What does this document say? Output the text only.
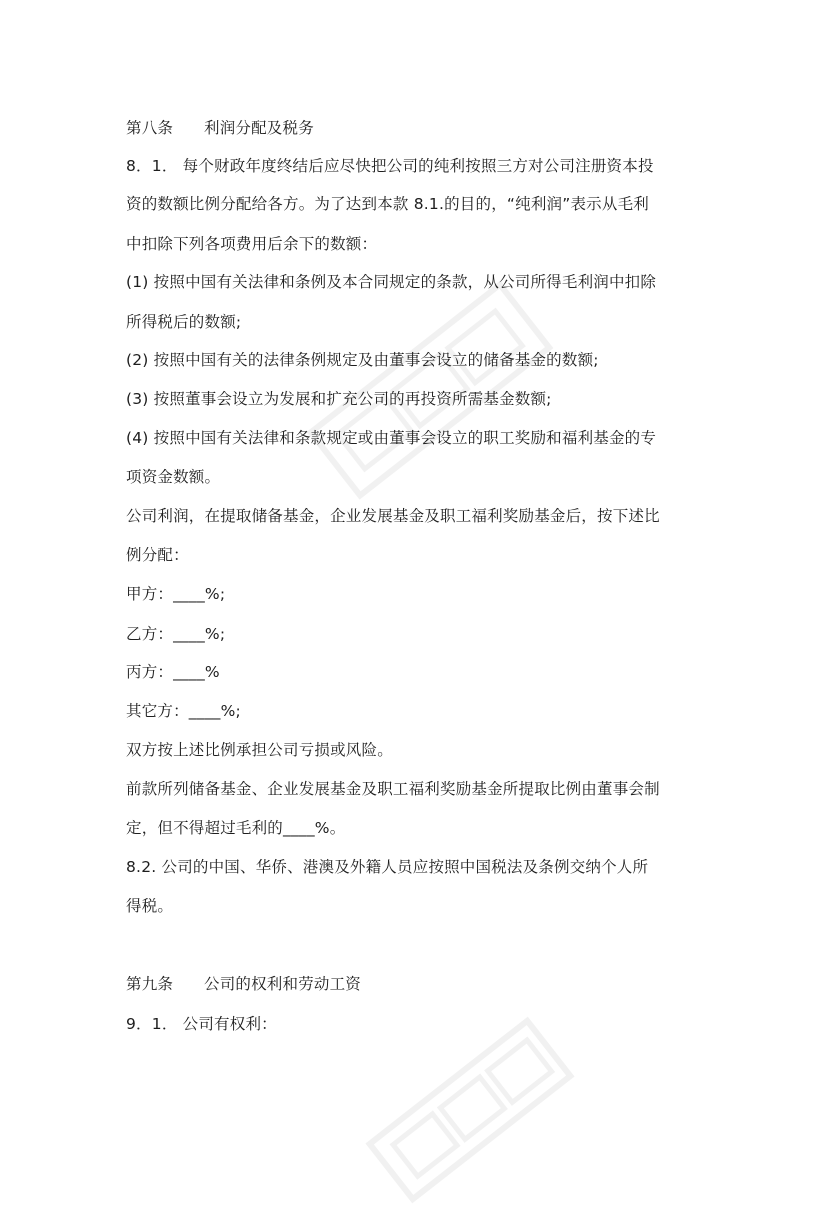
第八条 利润分配及税务
8．1． 每个财政年度终结后应尽快把公司的纯利按照三方对公司注册资本投
资的数额比例分配给各方。为了达到本款 8.1.的目的，“纯利润”表示从毛利
中扣除下列各项费用后余下的数额：
(1) 按照中国有关法律和条例及本合同规定的条款，从公司所得毛利润中扣除
所得税后的数额;
(2) 按照中国有关的法律条例规定及由董事会设立的储备基金的数额;
(3) 按照董事会设立为发展和扩充公司的再投资所需基金数额;
(4) 按照中国有关法律和条款规定或由董事会设立的职工奖励和福利基金的专
项资金数额。
公司利润，在提取储备基金，企业发展基金及职工福利奖励基金后，按下述比
例分配：
甲方：____%;
乙方：____%;
丙方：____%
其它方：____%;
双方按上述比例承担公司亏损或风险。
前款所列储备基金、企业发展基金及职工福利奖励基金所提取比例由董事会制
定，但不得超过毛利的____%。
8.2. 公司的中国、华侨、港澳及外籍人员应按照中国税法及条例交纳个人所
得税。
第九条 公司的权利和劳动工资
9．1． 公司有权利：
